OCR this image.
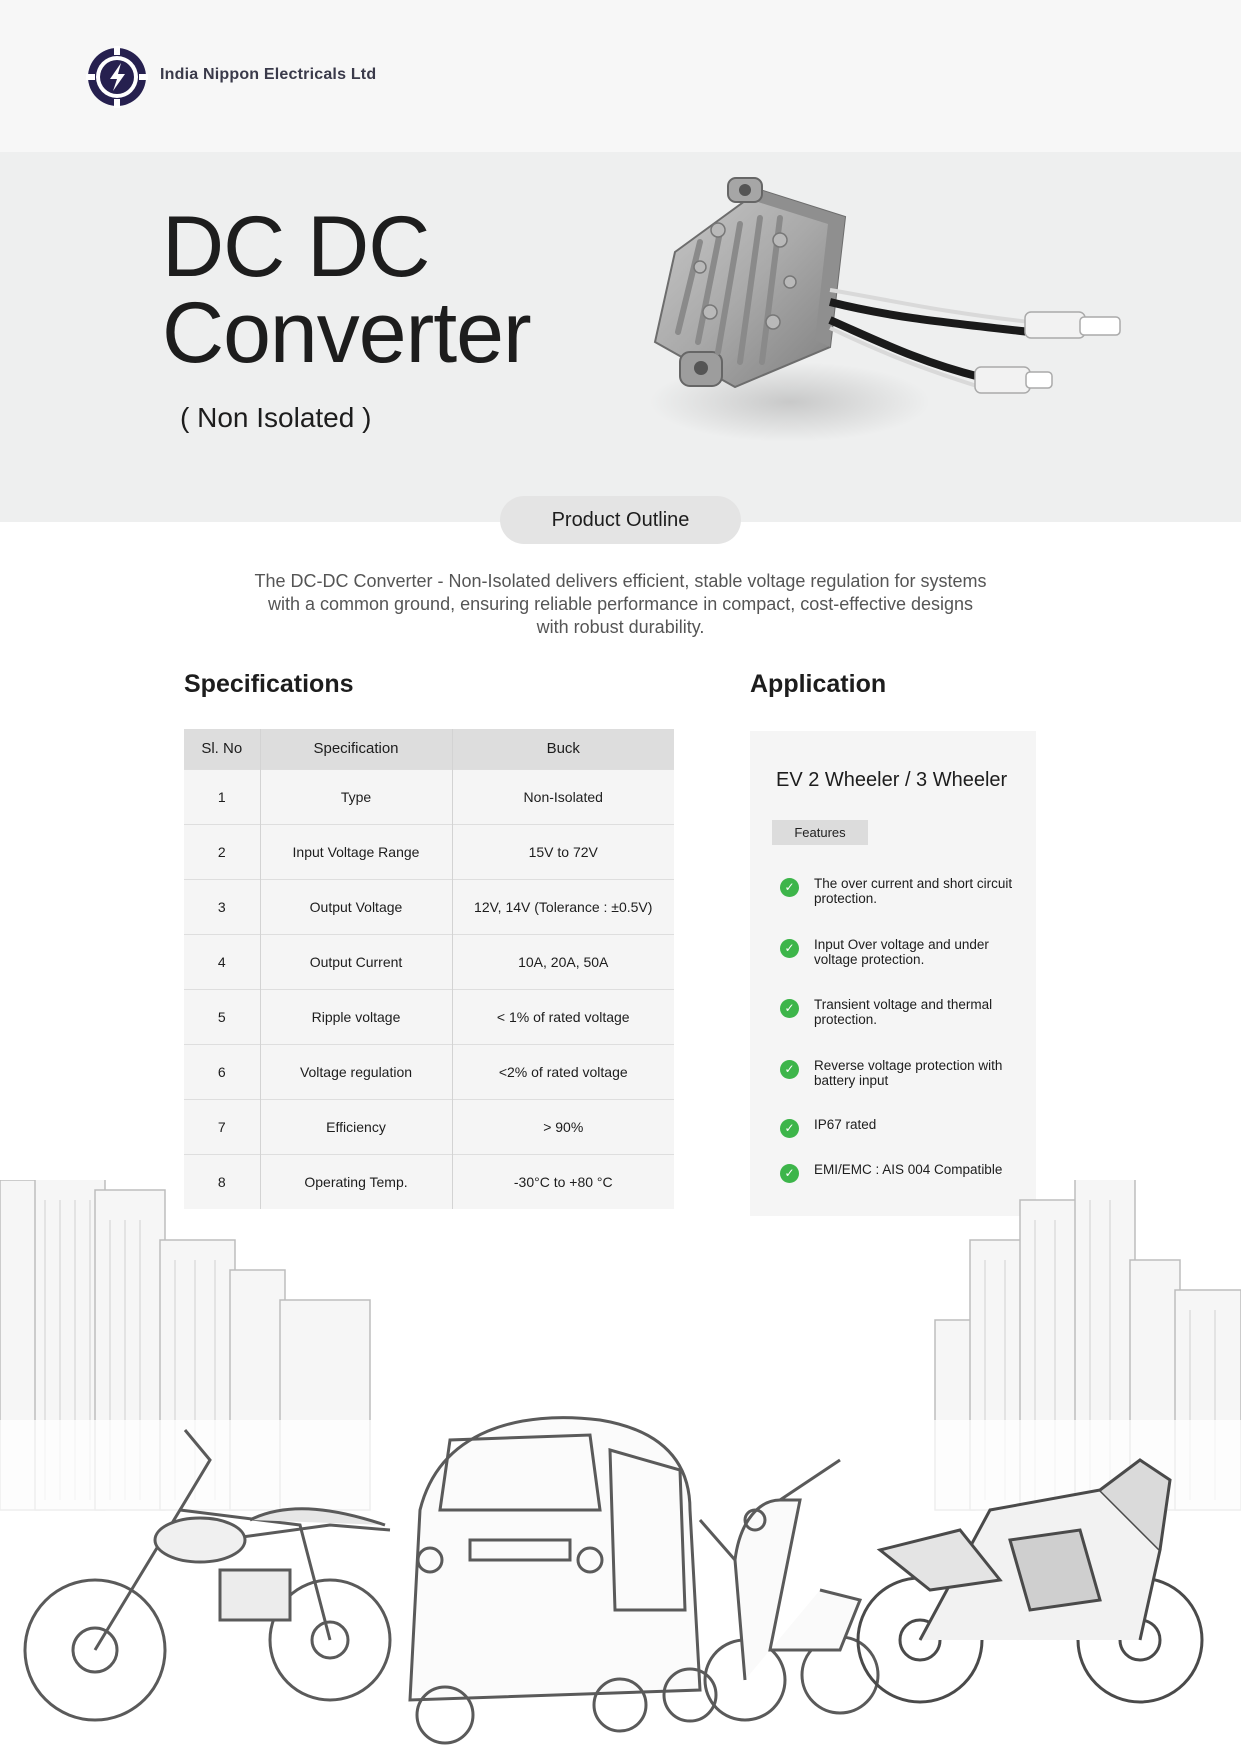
India Nippon Electricals Ltd
DC DC
Converter
( Non Isolated )
Product Outline

The DC-DC Converter - Non-Isolated delivers efficient, stable voltage regulation for systems with a common ground, ensuring reliable performance in compact, cost-effective designs with robust durability.

Specifications	Application
Sl. No	Specification	Buck
1	Type	Non-Isolated
2	Input Voltage Range	15V to 72V
3	Output Voltage	12V, 14V (Tolerance : ±0.5V)
4	Output Current	10A, 20A, 50A
5	Ripple voltage	< 1% of rated voltage
6	Voltage regulation	<2% of rated voltage
7	Efficiency	> 90%
8	Operating Temp.	-30°C to +80 °C
EV 2 Wheeler / 3 Wheeler
Features
✓	The over current and short circuit protection.
✓	Input Over voltage and under voltage protection.
✓	Transient voltage and thermal protection.
✓	Reverse voltage protection with battery input
✓	IP67 rated
✓	EMI/EMC : AIS 004 Compatible
